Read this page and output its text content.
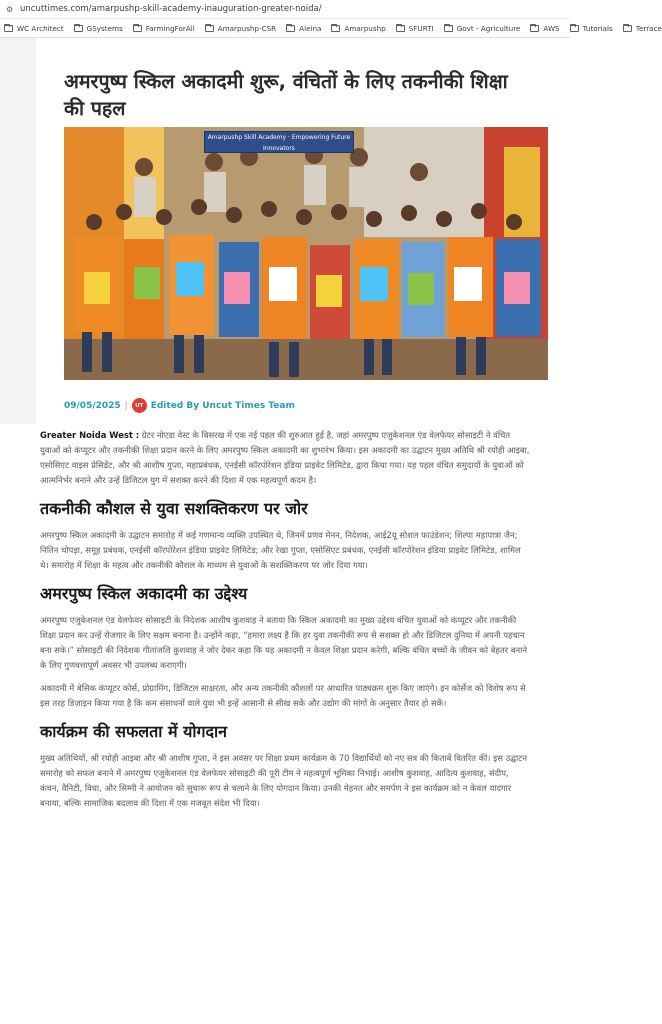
⚙ uncuttimes.com/amarpushp-skill-academy-inauguration-greater-noida/
WC Architect	GSystems	FarmingForAll	Amarpushp-CSR	Aleina	Amarpushp	SFURTI	Govt - Agriculture	AWS	Tutorials	Terrace
अमरपुष्प स्किल अकादमी शुरू, वंचितों के लिए तकनीकी शिक्षा की पहल
Amarpushp Skill Academy · Empowering Future Innovators
09/05/2025 |	UT Edited By Uncut Times Team

Greater Noida West : ग्रेटर नोएडा वेस्ट के बिसरख में एक नई पहल की शुरुआत हुई है, जहां अमरपुष्प एजुकेशनल एंड वेलफेयर सोसाइटी ने वंचित युवाओं को कंप्यूटर और तकनीकी शिक्षा प्रदान करने के लिए अमरपुष्प स्किल अकादमी का शुभारंभ किया। इस अकादमी का उद्घाटन मुख्य अतिथि श्री रयोही आइबा, एसोसिएट वाइस प्रेसिडेंट, और श्री आशीष गुप्ता, महाप्रबंधक, एनईसी कॉरपोरेशन इंडिया प्राइवेट लिमिटेड, द्वारा किया गया। यह पहल वंचित समुदायों के युवाओं को आत्मनिर्भर बनाने और उन्हें डिजिटल युग में सशक्त करने की दिशा में एक महत्वपूर्ण कदम है।

तकनीकी कौशल से युवा सशक्तिकरण पर जोर

अमरपुष्प स्किल अकादमी के उद्घाटन समारोह में कई गणमान्य व्यक्ति उपस्थित थे, जिनमें प्रणव मेनन, निदेशक, आई2यू सोशल फाउंडेशन; शिल्पा महापात्रा जैन; नितिन चोपड़ा, समूह प्रबंधक, एनईसी कॉरपोरेशन इंडिया प्राइवेट लिमिटेड; और रेखा गुप्ता, एसोसिएट प्रबंधक, एनईसी कॉरपोरेशन इंडिया प्राइवेट लिमिटेड, शामिल थे। समारोह में शिक्षा के महत्व और तकनीकी कौशल के माध्यम से युवाओं के सशक्तिकरण पर जोर दिया गया।

अमरपुष्प स्किल अकादमी का उद्देश्य

अमरपुष्प एजुकेशनल एंड वेलफेयर सोसाइटी के निदेशक आशीष कुशवाह ने बताया कि स्किल अकादमी का मुख्य उद्देश्य वंचित युवाओं को कंप्यूटर और तकनीकी शिक्षा प्रदान कर उन्हें रोजगार के लिए सक्षम बनाना है। उन्होंने कहा, “हमारा लक्ष्य है कि हर युवा तकनीकी रूप से सशक्त हो और डिजिटल दुनिया में अपनी पहचान बना सके।” सोसाइटी की निदेशक गीतांजलि कुशवाह ने जोर देकर कहा कि यह अकादमी न केवल शिक्षा प्रदान करेगी, बल्कि वंचित बच्चों के जीवन को बेहतर बनाने के लिए गुणवत्तापूर्ण अवसर भी उपलब्ध कराएगी।

अकादमी में बेसिक कंप्यूटर कोर्स, प्रोग्रामिंग, डिजिटल साक्षरता, और अन्य तकनीकी कौशलों पर आधारित पाठ्यक्रम शुरू किए जाएंगे। इन कोर्सेज को विशेष रूप से इस तरह डिज़ाइन किया गया है कि कम संसाधनों वाले युवा भी इन्हें आसानी से सीख सकें और उद्योग की मांगों के अनुसार तैयार हो सकें।

कार्यक्रम की सफलता में योगदान

मुख्य अतिथियों, श्री रयोही आइबा और श्री आशीष गुप्ता, ने इस अवसर पर शिक्षा प्रथम कार्यक्रम के 70 विद्यार्थियों को नए सत्र की किताबें वितरित कीं। इस उद्घाटन समारोह को सफल बनाने में अमरपुष्प एजुकेशनल एंड वेलफेयर सोसाइटी की पूरी टीम ने महत्वपूर्ण भूमिका निभाई। आशीष कुशवाह, आदित्य कुशवाह, संदीप, कंचन, वैनिटी, विधा, और सिम्मी ने आयोजन को सुचारू रूप से चलाने के लिए योगदान किया। उनकी मेहनत और समर्पण ने इस कार्यक्रम को न केवल यादगार बनाया, बल्कि सामाजिक बदलाव की दिशा में एक मजबूत संदेश भी दिया।
